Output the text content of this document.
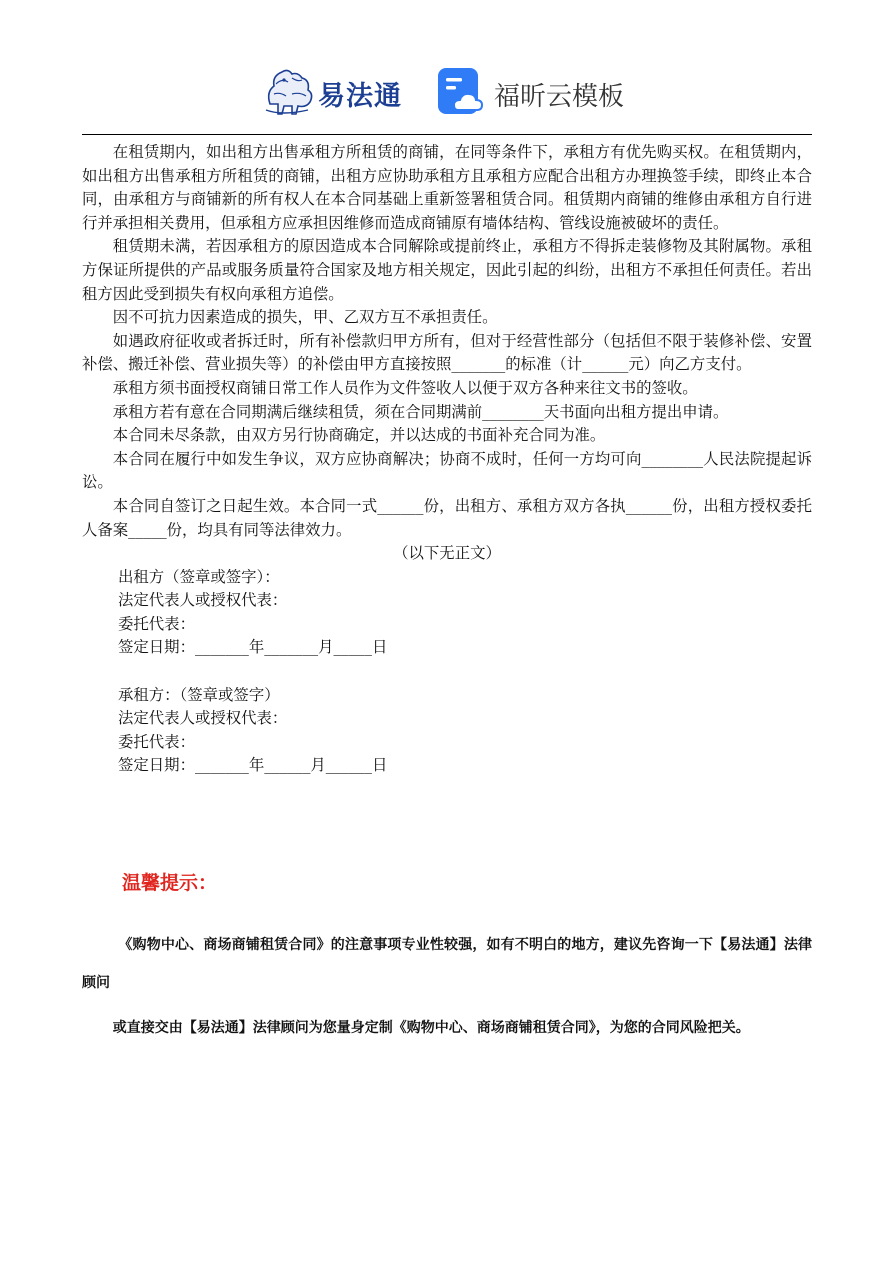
易法通	福昕云模板

在租赁期内，如出租方出售承租方所租赁的商铺，在同等条件下，承租方有优先购买权。在租赁期内，如出租方出售承租方所租赁的商铺，出租方应协助承租方且承租方应配合出租方办理换签手续，即终止本合同，由承租方与商铺新的所有权人在本合同基础上重新签署租赁合同。租赁期内商铺的维修由承租方自行进行并承担相关费用，但承租方应承担因维修而造成商铺原有墙体结构、管线设施被破坏的责任。

租赁期未满，若因承租方的原因造成本合同解除或提前终止，承租方不得拆走装修物及其附属物。承租方保证所提供的产品或服务质量符合国家及地方相关规定，因此引起的纠纷，出租方不承担任何责任。若出租方因此受到损失有权向承租方追偿。

因不可抗力因素造成的损失，甲、乙双方互不承担责任。

如遇政府征收或者拆迁时，所有补偿款归甲方所有，但对于经营性部分（包括但不限于装修补偿、安置补偿、搬迁补偿、营业损失等）的补偿由甲方直接按照_______的标准（计______元）向乙方支付。

承租方须书面授权商铺日常工作人员作为文件签收人以便于双方各种来往文书的签收。

承租方若有意在合同期满后继续租赁，须在合同期满前________天书面向出租方提出申请。

本合同未尽条款，由双方另行协商确定，并以达成的书面补充合同为准。

本合同在履行中如发生争议，双方应协商解决；协商不成时，任何一方均可向________人民法院提起诉讼。

本合同自签订之日起生效。本合同一式______份，出租方、承租方双方各执______份，出租方授权委托人备案_____份，均具有同等法律效力。

（以下无正文）

出租方（签章或签字）：

法定代表人或授权代表：

委托代表：

签定日期：_______年_______月_____日

承租方：（签章或签字）

法定代表人或授权代表：

委托代表：

签定日期：_______年______月______日

温馨提示：
《购物中心、商场商铺租赁合同》的注意事项专业性较强，如有不明白的地方，建议先咨询一下【易法通】法律顾问
或直接交由【易法通】法律顾问为您量身定制《购物中心、商场商铺租赁合同》，为您的合同风险把关。
